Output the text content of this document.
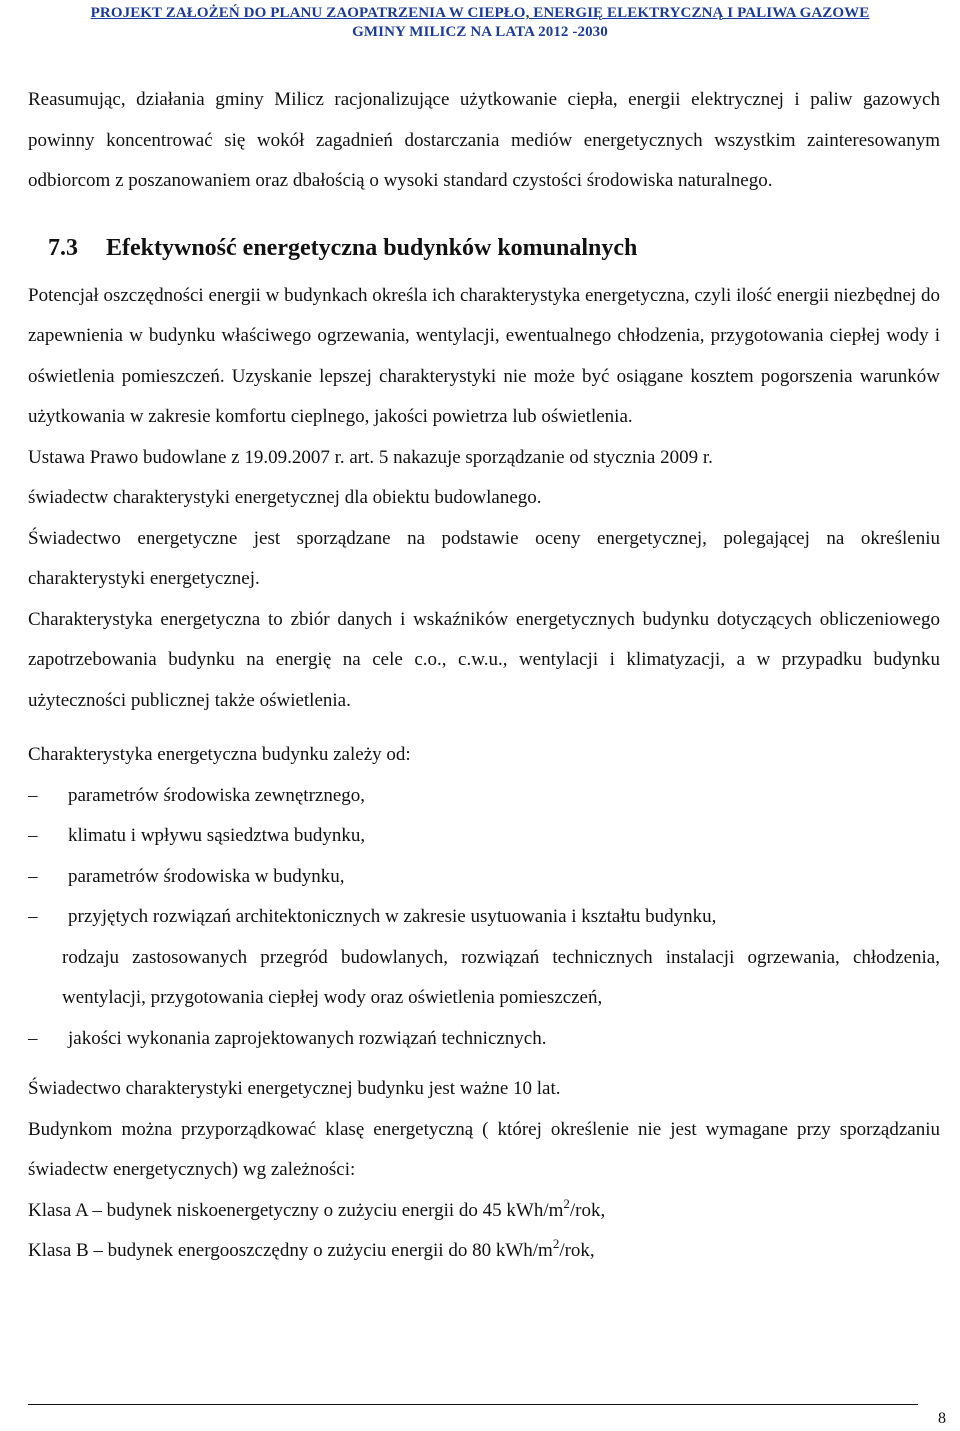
PROJEKT ZAŁOŻEŃ DO PLANU ZAOPATRZENIA W CIEPŁO, ENERGIĘ ELEKTRYCZNĄ I PALIWA GAZOWE
GMINY MILICZ NA LATA 2012 -2030

Reasumując, działania gminy Milicz racjonalizujące użytkowanie ciepła, energii elektrycznej i paliw gazowych powinny koncentrować się wokół zagadnień dostarczania mediów energetycznych wszystkim zainteresowanym odbiorcom z poszanowaniem oraz dbałością o wysoki standard czystości środowiska naturalnego.

7.3	Efektywność energetyczna budynków komunalnych

Potencjał oszczędności energii w budynkach określa ich charakterystyka energetyczna, czyli ilość energii niezbędnej do zapewnienia w budynku właściwego ogrzewania, wentylacji, ewentualnego chłodzenia, przygotowania ciepłej wody i oświetlenia pomieszczeń. Uzyskanie lepszej charakterystyki nie może być osiągane kosztem pogorszenia warunków użytkowania w zakresie komfortu cieplnego, jakości powietrza lub oświetlenia.

Ustawa Prawo budowlane z 19.09.2007 r. art. 5 nakazuje sporządzanie od stycznia 2009 r.

świadectw charakterystyki energetycznej dla obiektu budowlanego.

Świadectwo energetyczne jest sporządzane na podstawie oceny energetycznej, polegającej na określeniu charakterystyki energetycznej.

Charakterystyka energetyczna to zbiór danych i wskaźników energetycznych budynku dotyczących obliczeniowego zapotrzebowania budynku na energię na cele c.o., c.w.u., wentylacji i klimatyzacji, a w przypadku budynku użyteczności publicznej także oświetlenia.

Charakterystyka energetyczna budynku zależy od:

–	parametrów środowiska zewnętrznego,
–	klimatu i wpływu sąsiedztwa budynku,
–	parametrów środowiska w budynku,
–	przyjętych rozwiązań architektonicznych w zakresie usytuowania i kształtu budynku,
rodzaju zastosowanych przegród budowlanych, rozwiązań technicznych instalacji ogrzewania, chłodzenia, wentylacji, przygotowania ciepłej wody oraz oświetlenia pomieszczeń,
–	jakości wykonania zaprojektowanych rozwiązań technicznych.

Świadectwo charakterystyki energetycznej budynku jest ważne 10 lat.

Budynkom można przyporządkować klasę energetyczną ( której określenie nie jest wymagane przy sporządzaniu świadectw energetycznych) wg zależności:

Klasa A – budynek niskoenergetyczny o zużyciu energii do 45 kWh/$m^2$/rok,

Klasa B – budynek energooszczędny o zużyciu energii do 80 kWh/$m^2$/rok,

8
